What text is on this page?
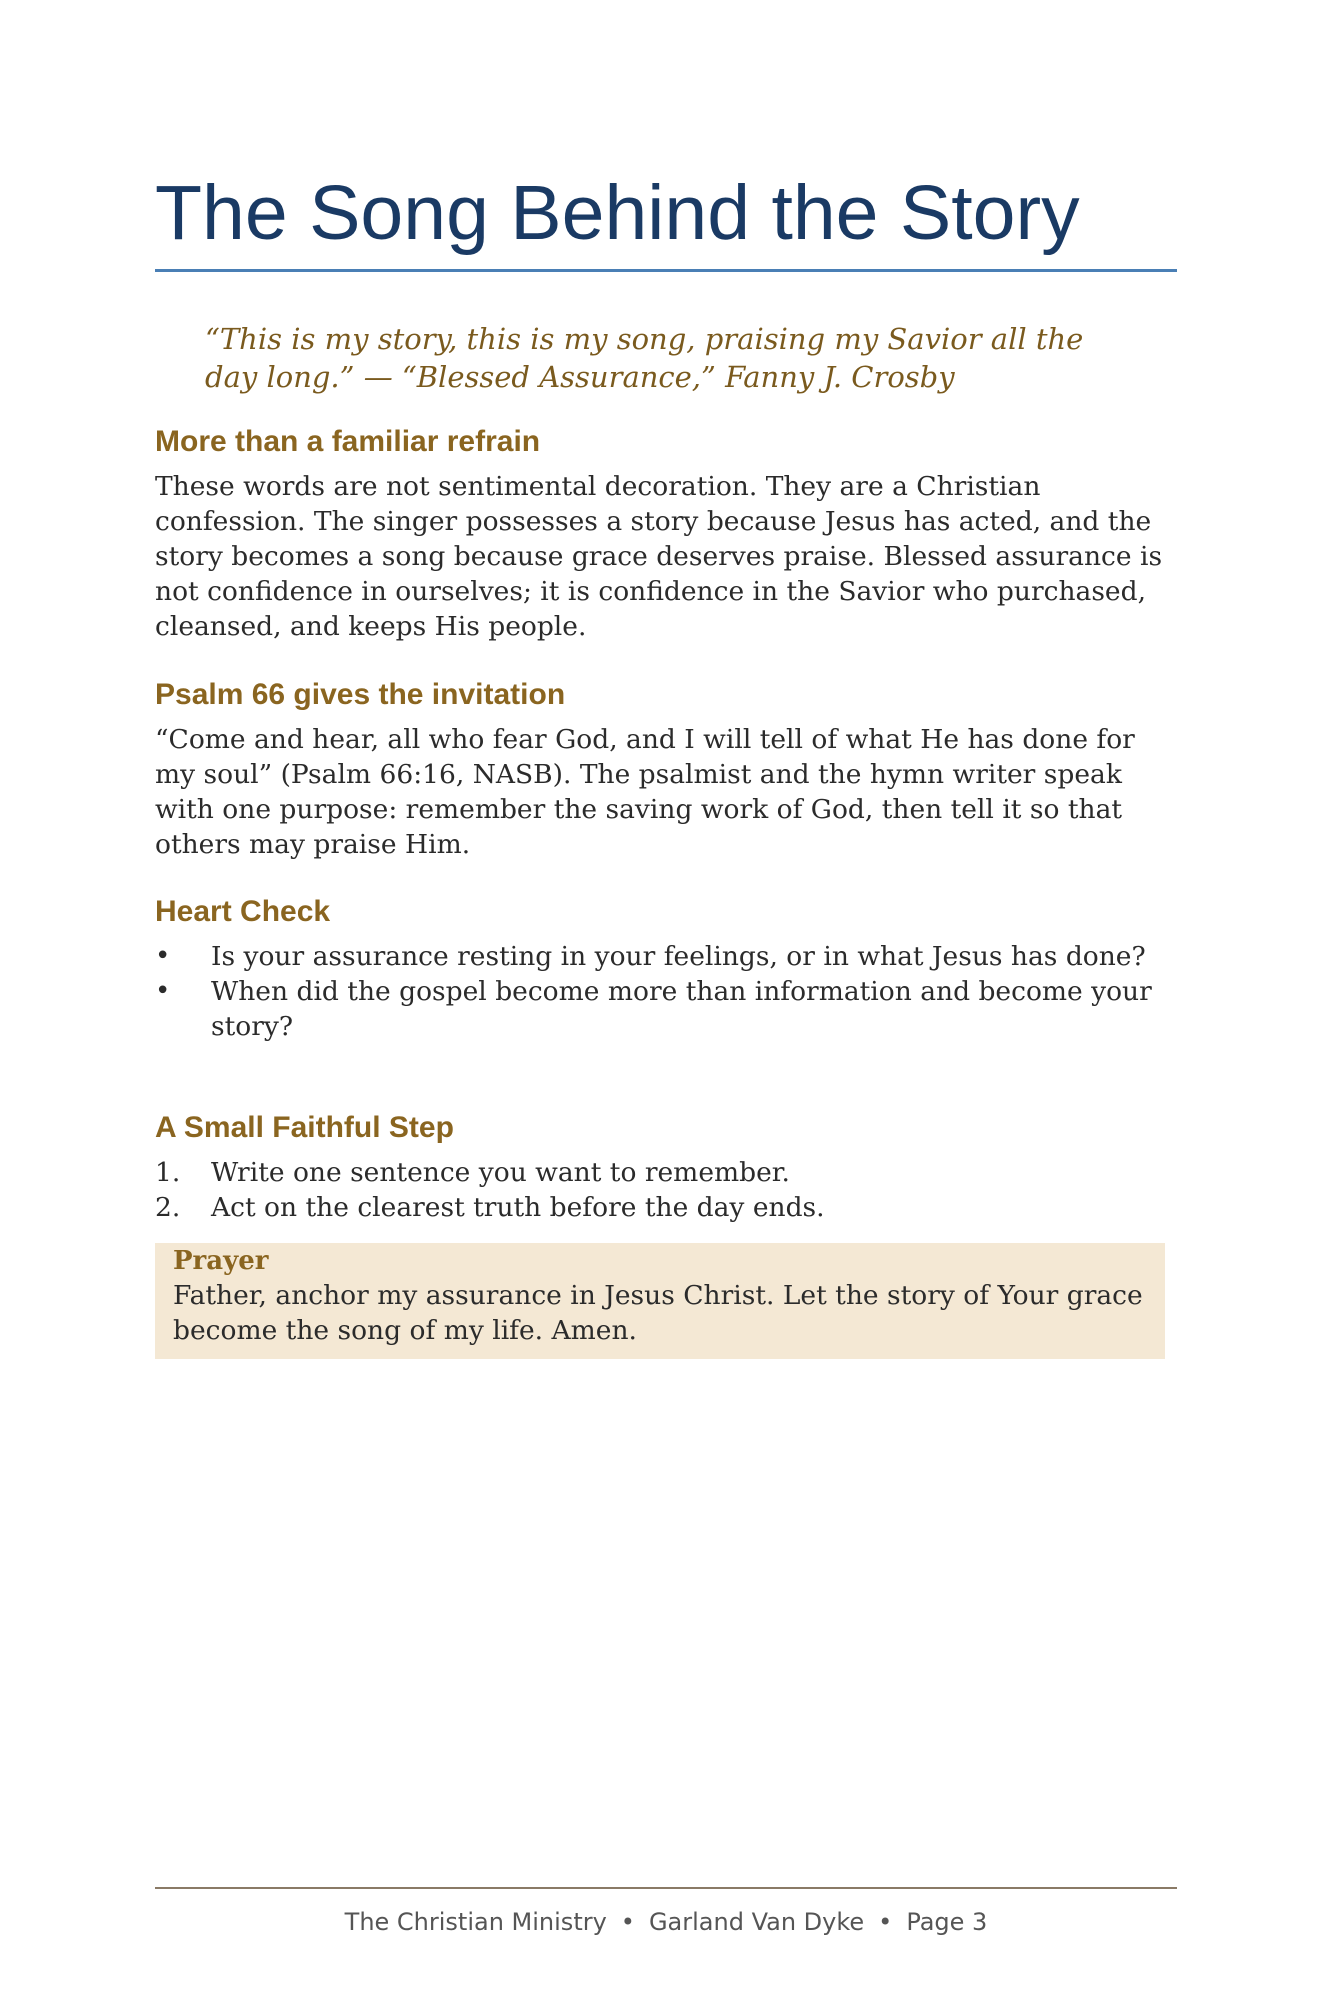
The Song Behind the Story
“This is my story, this is my song, praising my Savior all the day long.” — “Blessed Assurance,” Fanny J. Crosby
More than a familiar refrain

These words are not sentimental decoration. They are a Christian confession. The singer possesses a story because Jesus has acted, and the story becomes a song because grace deserves praise. Blessed assurance is not confidence in ourselves; it is confidence in the Savior who purchased, cleansed, and keeps His people.

Psalm 66 gives the invitation

“Come and hear, all who fear God, and I will tell of what He has done for my soul” (Psalm 66:16, NASB). The psalmist and the hymn writer speak with one purpose: remember the saving work of God, then tell it so that others may praise Him.

Heart Check
• Is your assurance resting in your feelings, or in what Jesus has done?
• When did the gospel become more than information and become your story?
A Small Faithful Step
1.	Write one sentence you want to remember.
2.	Act on the clearest truth before the day ends.
Prayer
Father, anchor my assurance in Jesus Christ. Let the story of Your grace become the song of my life. Amen.
The Christian Ministry • Garland Van Dyke • Page 3
